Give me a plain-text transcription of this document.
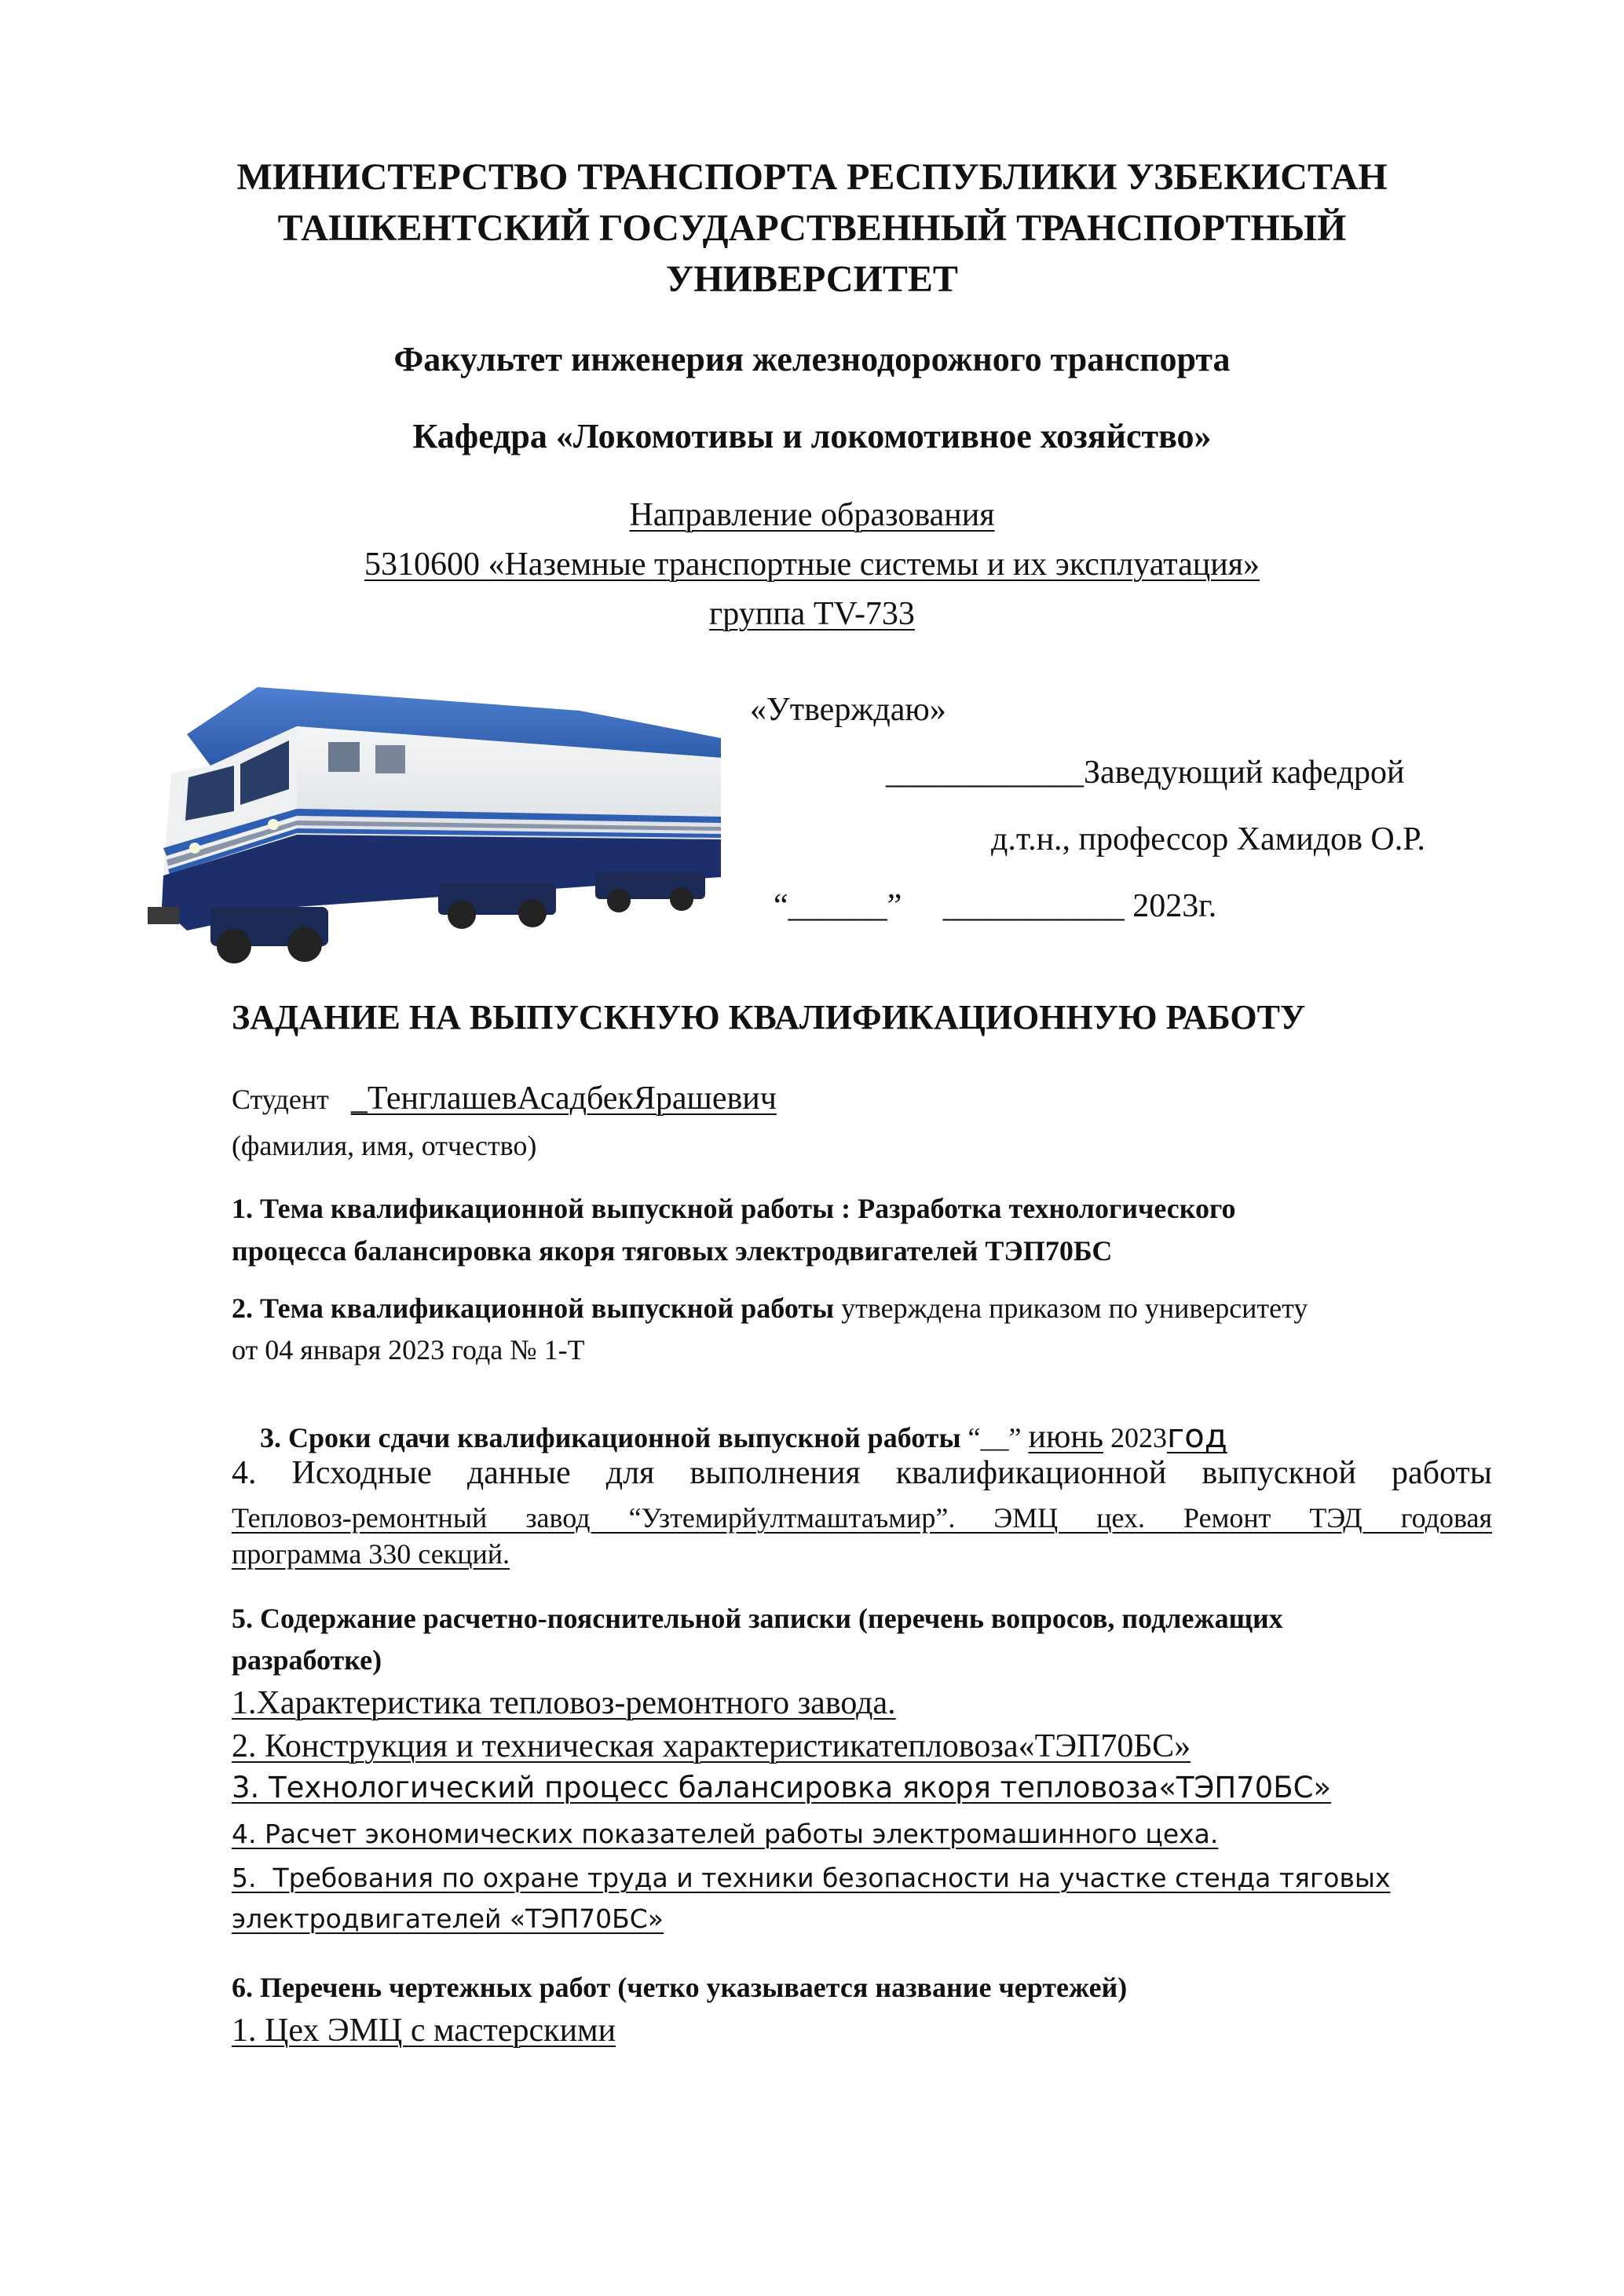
МИНИСТЕРСТВО ТРАНСПОРТА РЕСПУБЛИКИ УЗБЕКИСТАН
ТАШКЕНТСКИЙ ГОСУДАРСТВЕННЫЙ ТРАНСПОРТНЫЙ
УНИВЕРСИТЕТ
Факультет инженерия железнодорожного транспорта
Кафедра «Локомотивы и локомотивное хозяйство»
Направление образования
5310600 «Наземные транспортные системы и их эксплуатация»
группа TV-733
«Утверждаю»
____________Заведующий кафедрой
д.т.н., профессор Хамидов О.Р.
“______”     ___________ 2023г.
ЗАДАНИЕ НА ВЫПУСКНУЮ КВАЛИФИКАЦИОННУЮ РАБОТУ
Студент _ТенглашевАсадбекЯрашевич
(фамилия, имя, отчество)
1. Тема квалификационной выпускной работы : Разработка технологического
процесса балансировка якоря тяговых электродвигателей ТЭП70БС
2. Тема квалификационной выпускной работы утверждена приказом по университету
от 04 января 2023 года № 1-Т

3. Сроки сдачи квалификационной выпускной работы “__” июнь 2023год

4. Исходные данные для выполнения квалификационной выпускной работы
Тепловоз-ремонтный завод “Узтемирйултмаштаъмир”. ЭМЦ цех. Ремонт ТЭД годовая
программа 330 секций.
5. Содержание расчетно-пояснительной записки (перечень вопросов, подлежащих
разработке)
1.Характеристика тепловоз-ремонтного завода.
2. Конструкция и техническая характеристикатепловоза«ТЭП70БС»
3. Технологический процесс балансировка якоря тепловоза«ТЭП70БС»
4. Расчет экономических показателей работы электромашинного цеха.
5.  Требования по охране труда и техники безопасности на участке стенда тяговых
электродвигателей «ТЭП70БС»
6. Перечень чертежных работ (четко указывается название чертежей)
1. Цех ЭМЦ с мастерскими
